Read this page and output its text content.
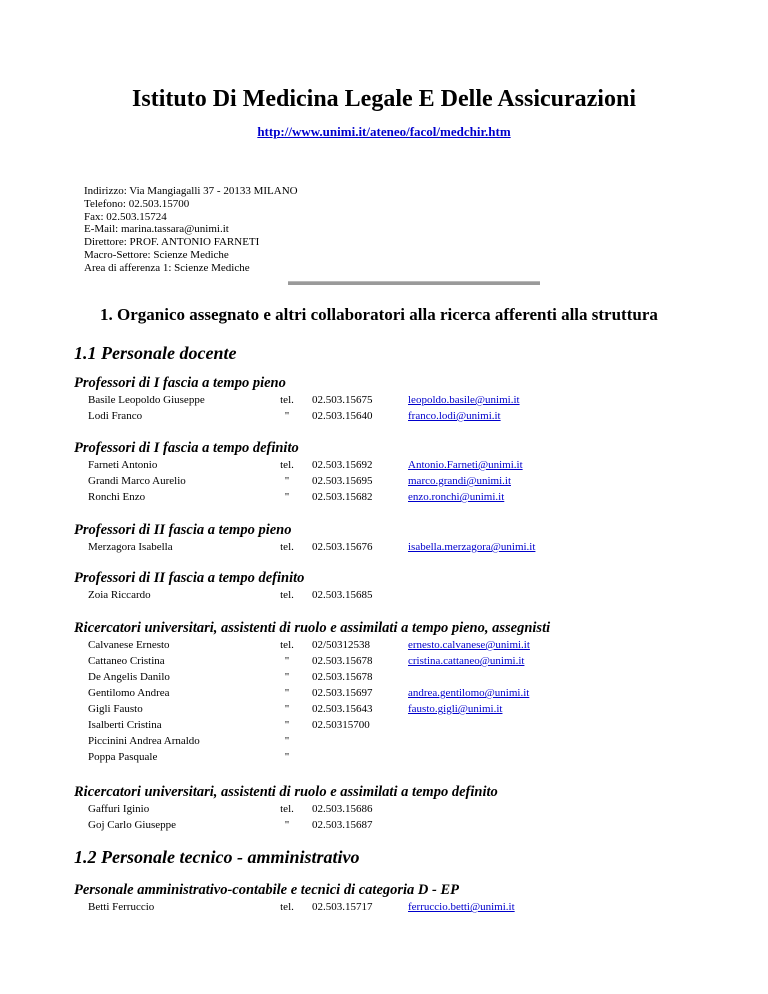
Istituto Di Medicina Legale E Delle Assicurazioni
http://www.unimi.it/ateneo/facol/medchir.htm
Indirizzo: Via Mangiagalli 37 - 20133 MILANO
Telefono: 02.503.15700
Fax: 02.503.15724
E-Mail: marina.tassara@unimi.it
Direttore: PROF. ANTONIO FARNETI
Macro-Settore: Scienze Mediche
Area di afferenza 1: Scienze Mediche
1. Organico assegnato e altri collaboratori alla ricerca afferenti alla struttura
1.1 Personale docente
Professori di I fascia a tempo pieno
Basile Leopoldo Giuseppe	tel.	02.503.15675	leopoldo.basile@unimi.it
Lodi Franco	"	02.503.15640	franco.lodi@unimi.it
Professori di I fascia a tempo definito
Farneti Antonio	tel.	02.503.15692	Antonio.Farneti@unimi.it
Grandi Marco Aurelio	"	02.503.15695	marco.grandi@unimi.it
Ronchi Enzo	"	02.503.15682	enzo.ronchi@unimi.it
Professori di II fascia a tempo pieno
Merzagora Isabella	tel.	02.503.15676	isabella.merzagora@unimi.it
Professori di II fascia a tempo definito
Zoia Riccardo	tel.	02.503.15685
Ricercatori universitari, assistenti di ruolo e assimilati a tempo pieno, assegnisti
Calvanese Ernesto	tel.	02/50312538	ernesto.calvanese@unimi.it
Cattaneo Cristina	"	02.503.15678	cristina.cattaneo@unimi.it
De Angelis Danilo	"	02.503.15678
Gentilomo Andrea	"	02.503.15697	andrea.gentilomo@unimi.it
Gigli Fausto	"	02.503.15643	fausto.gigli@unimi.it
Isalberti Cristina	"	02.50315700
Piccinini Andrea Arnaldo	"
Poppa Pasquale	"
Ricercatori universitari, assistenti di ruolo e assimilati a tempo definito
Gaffuri Iginio	tel.	02.503.15686
Goj Carlo Giuseppe	"	02.503.15687
1.2 Personale tecnico - amministrativo
Personale amministrativo-contabile e tecnici di categoria D - EP
Betti Ferruccio	tel.	02.503.15717	ferruccio.betti@unimi.it
